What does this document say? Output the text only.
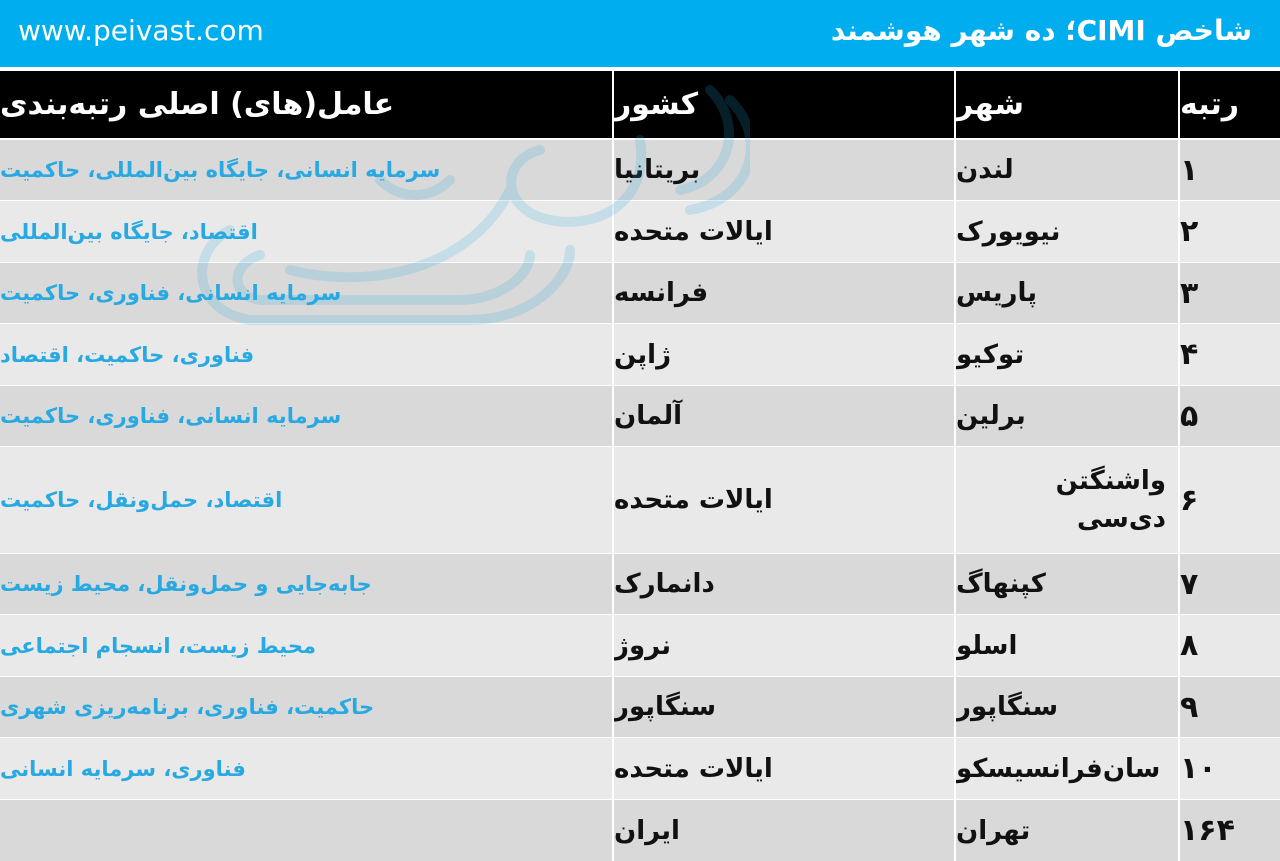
www.peivast.com	شاخص CIMI؛ ده شهر هوشمند
رتبه
شهر
کشور
عامل(های) اصلی رتبه‌بندی
۱
لندن
بریتانیا
سرمایه انسانی، جایگاه بین‌المللی، حاکمیت
۲
نیویورک
ایالات متحده
اقتصاد، جایگاه بین‌المللی
۳
پاریس
فرانسه
سرمایه انسانی، فناوری، حاکمیت
۴
توکیو
ژاپن
فناوری، حاکمیت، اقتصاد
۵
برلین
آلمان
سرمایه انسانی، فناوری، حاکمیت
۶
واشنگتن دی‌سی
ایالات متحده
اقتصاد، حمل‌ونقل، حاکمیت
۷
کپنهاگ
دانمارک
جابه‌جایی و حمل‌ونقل، محیط زیست
۸
اسلو
نروژ
محیط زیست، انسجام اجتماعی
۹
سنگاپور
سنگاپور
حاکمیت، فناوری، برنامه‌ریزی شهری
۱۰
سان‌فرانسیسکو
ایالات متحده
فناوری، سرمایه انسانی
۱۶۴
تهران
ایران
